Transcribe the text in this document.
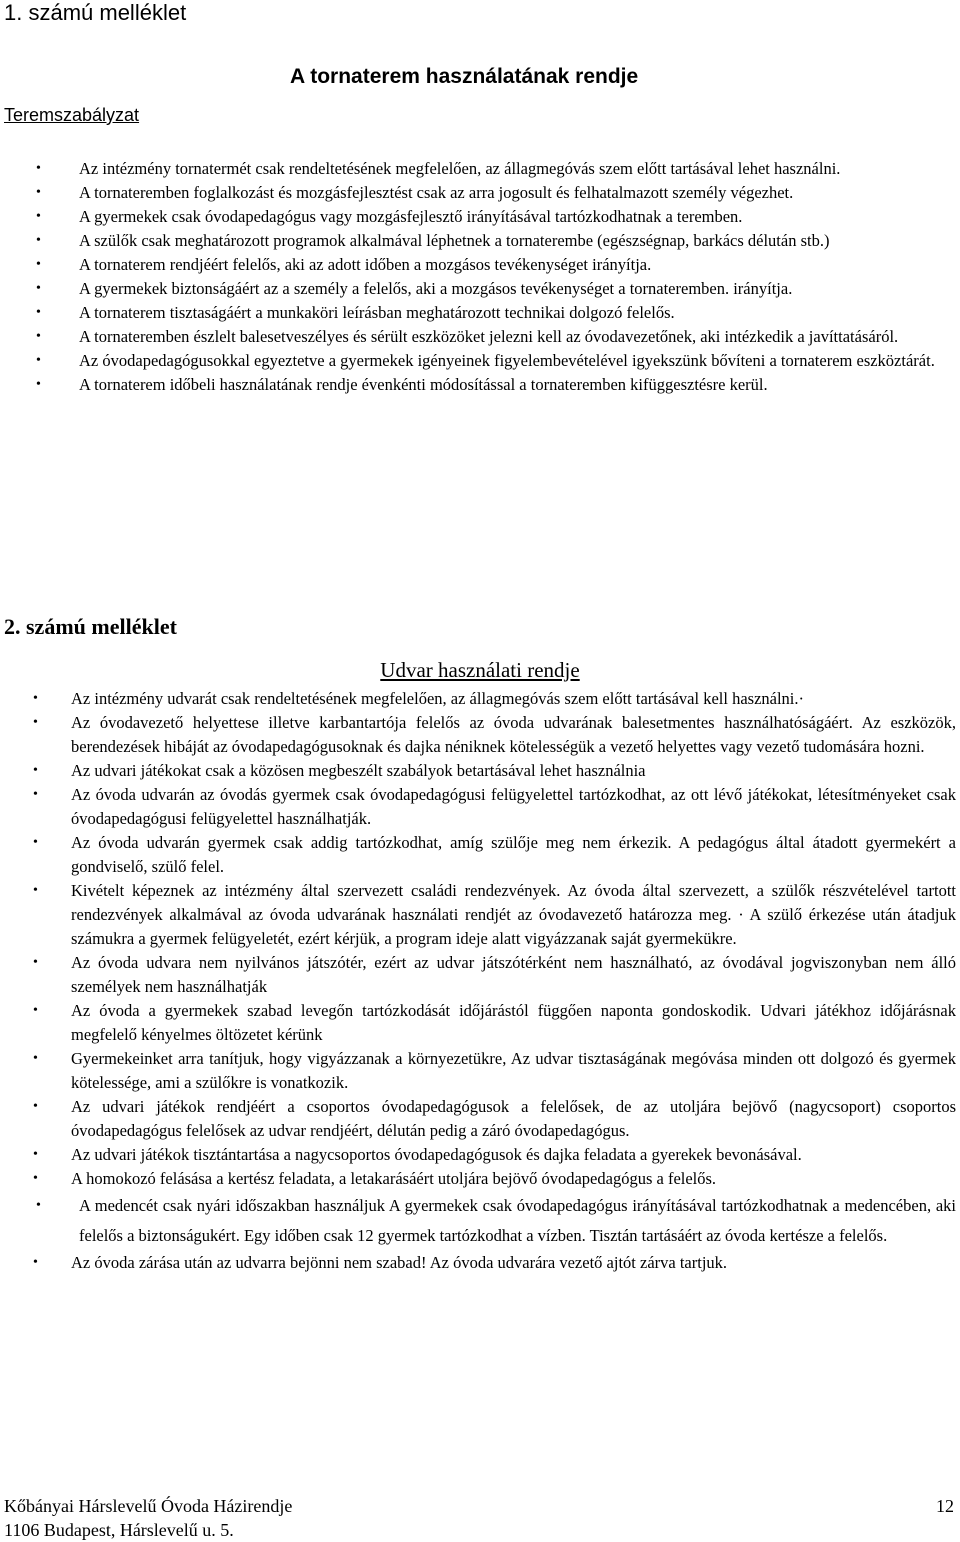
1. számú melléklet
Teremszabályzat
A tornaterem használatának rendje
• Az intézmény tornatermét csak rendeltetésének megfelelően, az állagmegóvás szem előtt tartásával lehet használni.
• A tornateremben foglalkozást és mozgásfejlesztést csak az arra jogosult és felhatalmazott személy végezhet.
• A gyermekek csak óvodapedagógus vagy mozgásfejlesztő irányításával tartózkodhatnak a teremben.
• A szülők csak meghatározott programok alkalmával léphetnek a tornaterembe (egészségnap, barkács délután stb.)
• A tornaterem rendjéért felelős, aki az adott időben a mozgásos tevékenységet irányítja.
• A gyermekek biztonságáért az a személy a felelős, aki a mozgásos tevékenységet a tornateremben. irányítja.
• A tornaterem tisztaságáért a munkaköri leírásban meghatározott technikai dolgozó felelős.
• A tornateremben észlelt balesetveszélyes és sérült eszközöket jelezni kell az óvodavezetőnek, aki intézkedik a javíttatásáról.
• Az óvodapedagógusokkal egyeztetve a gyermekek igényeinek figyelembevételével igyekszünk bővíteni a tornaterem eszköztárát.
• A tornaterem időbeli használatának rendje évenkénti módosítással a tornateremben kifüggesztésre kerül.
2. számú melléklet
Udvar használati rendje
• Az intézmény udvarát csak rendeltetésének megfelelően, az állagmegóvás szem előtt tartásával kell használni.·
• Az óvodavezető helyettese illetve karbantartója felelős az óvoda udvarának balesetmentes használhatóságáért. Az eszközök, berendezések hibáját az óvodapedagógusoknak és dajka néniknek kötelességük a vezető helyettes vagy vezető tudomására hozni.
• Az udvari játékokat csak a közösen megbeszélt szabályok betartásával lehet használnia
• Az óvoda udvarán az óvodás gyermek csak óvodapedagógusi felügyelettel tartózkodhat, az ott lévő játékokat, létesítményeket csak óvodapedagógusi felügyelettel használhatják.
• Az óvoda udvarán gyermek csak addig tartózkodhat, amíg szülője meg nem érkezik. A pedagógus által átadott gyermekért a gondviselő, szülő felel.
• Kivételt képeznek az intézmény által szervezett családi rendezvények. Az óvoda által szervezett, a szülők részvételével tartott rendezvények alkalmával az óvoda udvarának használati rendjét az óvodavezető határozza meg. · A szülő érkezése után átadjuk számukra a gyermek felügyeletét, ezért kérjük, a program ideje alatt vigyázzanak saját gyermekükre.
• Az óvoda udvara nem nyilvános játszótér, ezért az udvar játszótérként nem használható, az óvodával jogviszonyban nem álló személyek nem használhatják
• Az óvoda a gyermekek szabad levegőn tartózkodását időjárástól függően naponta gondoskodik. Udvari játékhoz időjárásnak megfelelő kényelmes öltözetet kérünk
• Gyermekeinket arra tanítjuk, hogy vigyázzanak a környezetükre, Az udvar tisztaságának megóvása minden ott dolgozó és gyermek kötelessége, ami a szülőkre is vonatkozik.
• Az udvari játékok rendjéért a csoportos óvodapedagógusok a felelősek, de az utoljára bejövő (nagycsoport) csoportos óvodapedagógus felelősek az udvar rendjéért, délután pedig a záró óvodapedagógus.
• Az udvari játékok tisztántartása a nagycsoportos óvodapedagógusok és dajka feladata a gyerekek bevonásával.
• A homokozó felásása a kertész feladata, a letakarásáért utoljára bejövő óvodapedagógus a felelős.
• A medencét csak nyári időszakban használjuk A gyermekek csak óvodapedagógus irányításával tartózkodhatnak a medencében, aki felelős a biztonságukért. Egy időben csak 12 gyermek tartózkodhat a vízben. Tisztán tartásáért az óvoda kertésze a felelős.
• Az óvoda zárása után az udvarra bejönni nem szabad! Az óvoda udvarára vezető ajtót zárva tartjuk.
Kőbányai Hárslevelű Óvoda Házirendje
1106 Budapest, Hárslevelű u. 5.
12
